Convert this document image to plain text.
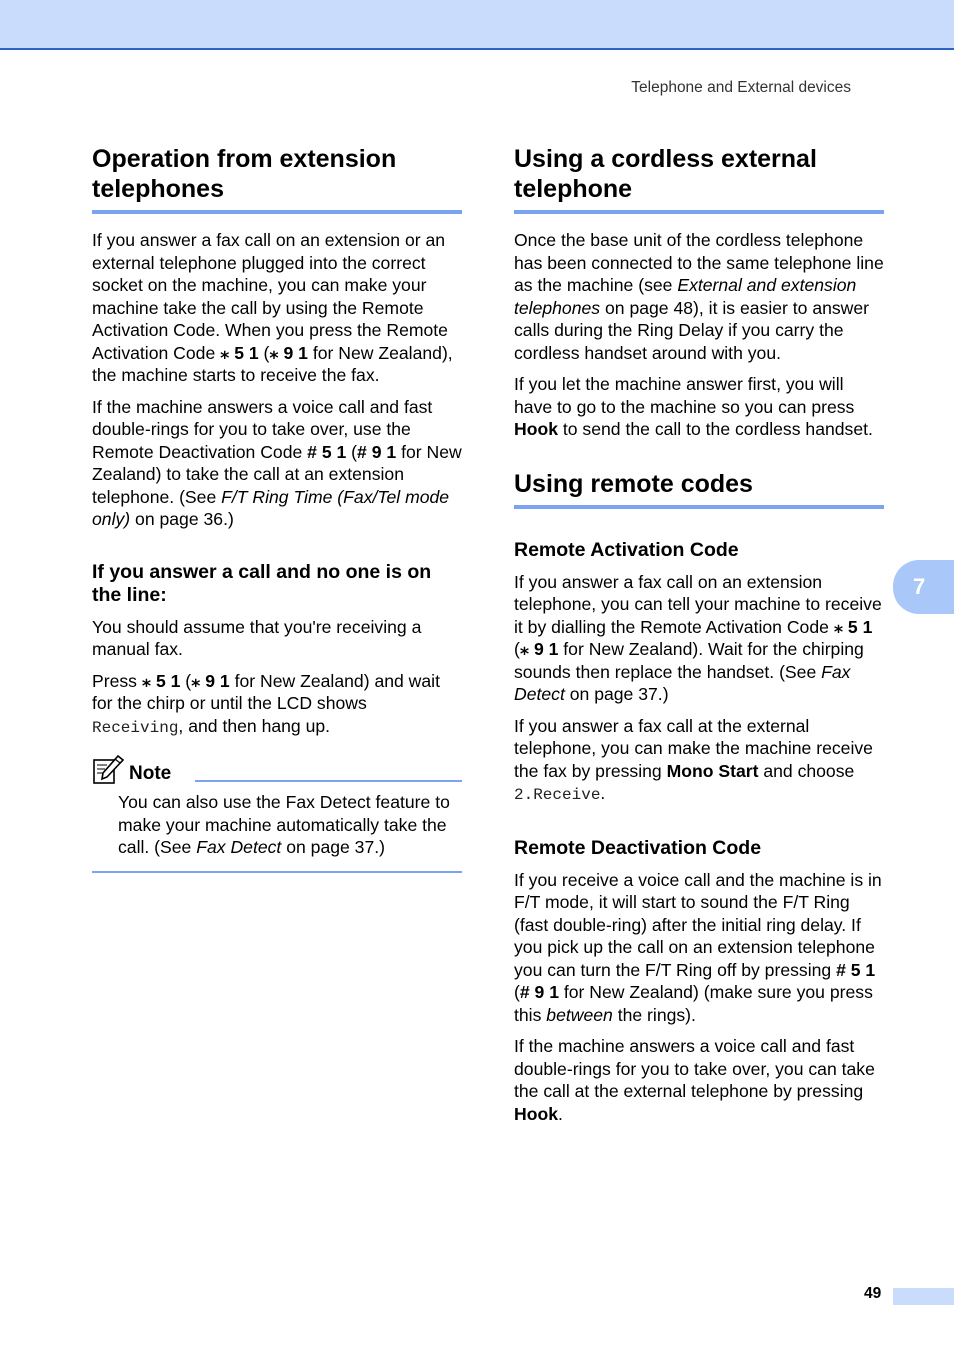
Telephone and External devices
Operation from extension telephones

If you answer a fax call on an extension or an external telephone plugged into the correct socket on the machine, you can make your machine take the call by using the Remote Activation Code. When you press the Remote Activation Code ⁎ 5 1 (⁎ 9 1 for New Zealand), the machine starts to receive the fax.

If the machine answers a voice call and fast double-rings for you to take over, use the Remote Deactivation Code # 5 1 (# 9 1 for New Zealand) to take the call at an extension telephone. (See F/T Ring Time (Fax/Tel mode only) on page 36.)

If you answer a call and no one is on the line:

You should assume that you're receiving a manual fax.

Press ⁎ 5 1 (⁎ 9 1 for New Zealand) and wait for the chirp or until the LCD shows Receiving, and then hang up.

Note

You can also use the Fax Detect feature to make your machine automatically take the call. (See Fax Detect on page 37.)

Using a cordless external telephone

Once the base unit of the cordless telephone has been connected to the same telephone line as the machine (see External and extension telephones on page 48), it is easier to answer calls during the Ring Delay if you carry the cordless handset around with you.

If you let the machine answer first, you will have to go to the machine so you can press Hook to send the call to the cordless handset.

Using remote codes
Remote Activation Code

If you answer a fax call on an extension telephone, you can tell your machine to receive it by dialling the Remote Activation Code ⁎ 5 1 (⁎ 9 1 for New Zealand). Wait for the chirping sounds then replace the handset. (See Fax Detect on page 37.)

If you answer a fax call at the external telephone, you can make the machine receive the fax by pressing Mono Start and choose 2.Receive.

Remote Deactivation Code

If you receive a voice call and the machine is in F/T mode, it will start to sound the F/T Ring (fast double-ring) after the initial ring delay. If you pick up the call on an extension telephone you can turn the F/T Ring off by pressing # 5 1 (# 9 1 for New Zealand) (make sure you press this between the rings).

If the machine answers a voice call and fast double-rings for you to take over, you can take the call at the external telephone by pressing Hook.

7
49
